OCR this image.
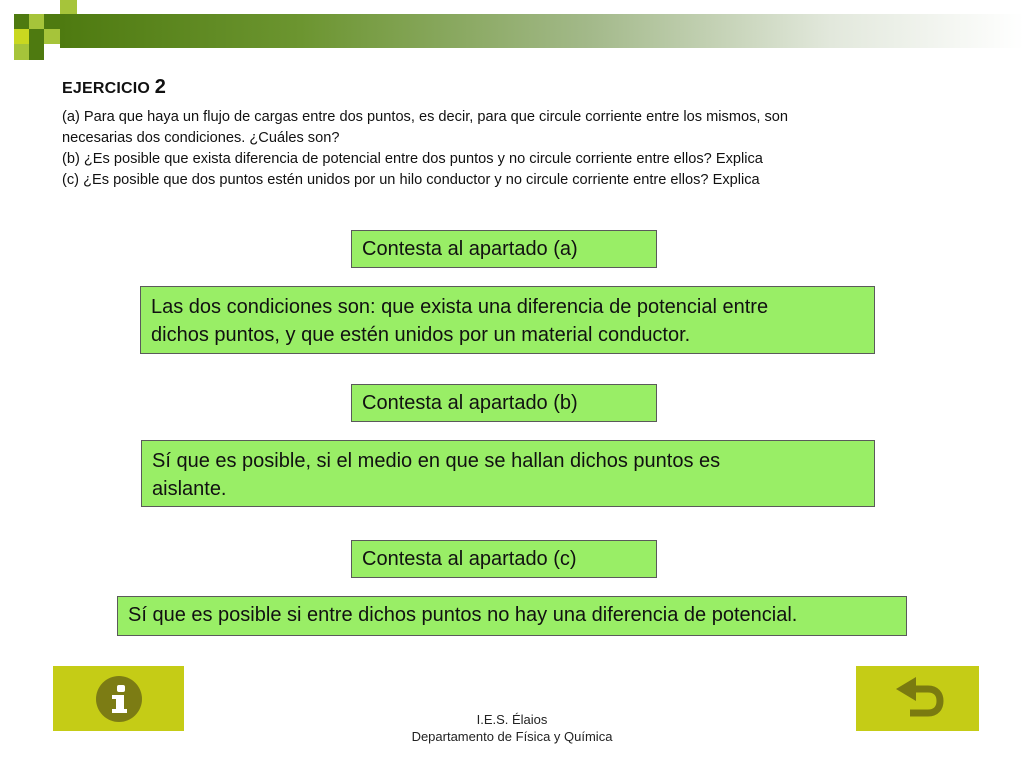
EJERCICIO 2
(a) Para que haya un flujo de cargas entre dos puntos, es decir, para que circule corriente entre los mismos, son
necesarias dos condiciones. ¿Cuáles son?
(b) ¿Es posible que exista diferencia de potencial entre dos puntos y no circule corriente entre ellos? Explica
(c) ¿Es posible que dos puntos estén unidos por un hilo conductor y no circule corriente entre ellos? Explica
Contesta al apartado (a)
Las dos condiciones son: que exista una diferencia de potencial entre
dichos puntos, y que estén unidos por un material conductor.
Contesta al apartado (b)
Sí que es posible, si el medio en que se hallan dichos puntos es
aislante.
Contesta al apartado (c)
Sí que es posible si entre dichos puntos no hay una diferencia de potencial.
I.E.S. Élaios
Departamento de Física y Química
